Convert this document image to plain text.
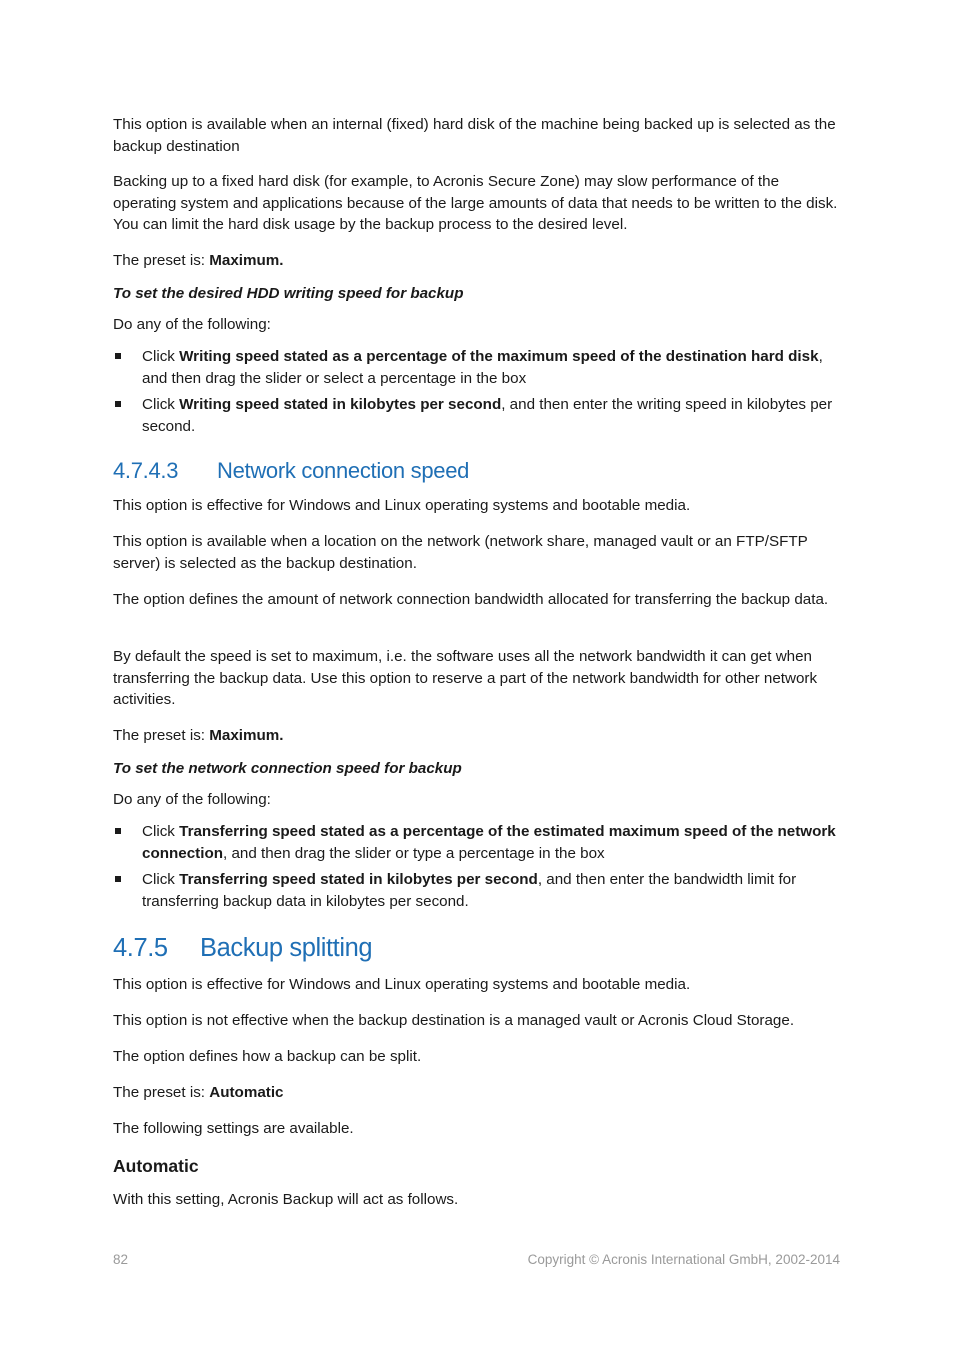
This option is available when an internal (fixed) hard disk of the machine being backed up is selected as the backup destination

Backing up to a fixed hard disk (for example, to Acronis Secure Zone) may slow performance of the operating system and applications because of the large amounts of data that needs to be written to the disk. You can limit the hard disk usage by the backup process to the desired level.

The preset is: Maximum.

To set the desired HDD writing speed for backup

Do any of the following:

Click Writing speed stated as a percentage of the maximum speed of the destination hard disk, and then drag the slider or select a percentage in the box
Click Writing speed stated in kilobytes per second, and then enter the writing speed in kilobytes per second.
4.7.4.3 Network connection speed

This option is effective for Windows and Linux operating systems and bootable media.

This option is available when a location on the network (network share, managed vault or an FTP/SFTP server) is selected as the backup destination.

The option defines the amount of network connection bandwidth allocated for transferring the backup data.

By default the speed is set to maximum, i.e. the software uses all the network bandwidth it can get when transferring the backup data. Use this option to reserve a part of the network bandwidth for other network activities.

The preset is: Maximum.

To set the network connection speed for backup

Do any of the following:

Click Transferring speed stated as a percentage of the estimated maximum speed of the network connection, and then drag the slider or type a percentage in the box
Click Transferring speed stated in kilobytes per second, and then enter the bandwidth limit for transferring backup data in kilobytes per second.
4.7.5 Backup splitting

This option is effective for Windows and Linux operating systems and bootable media.

This option is not effective when the backup destination is a managed vault or Acronis Cloud Storage.

The option defines how a backup can be split.

The preset is: Automatic

The following settings are available.

Automatic

With this setting, Acronis Backup will act as follows.

82	Copyright © Acronis International GmbH, 2002-2014
